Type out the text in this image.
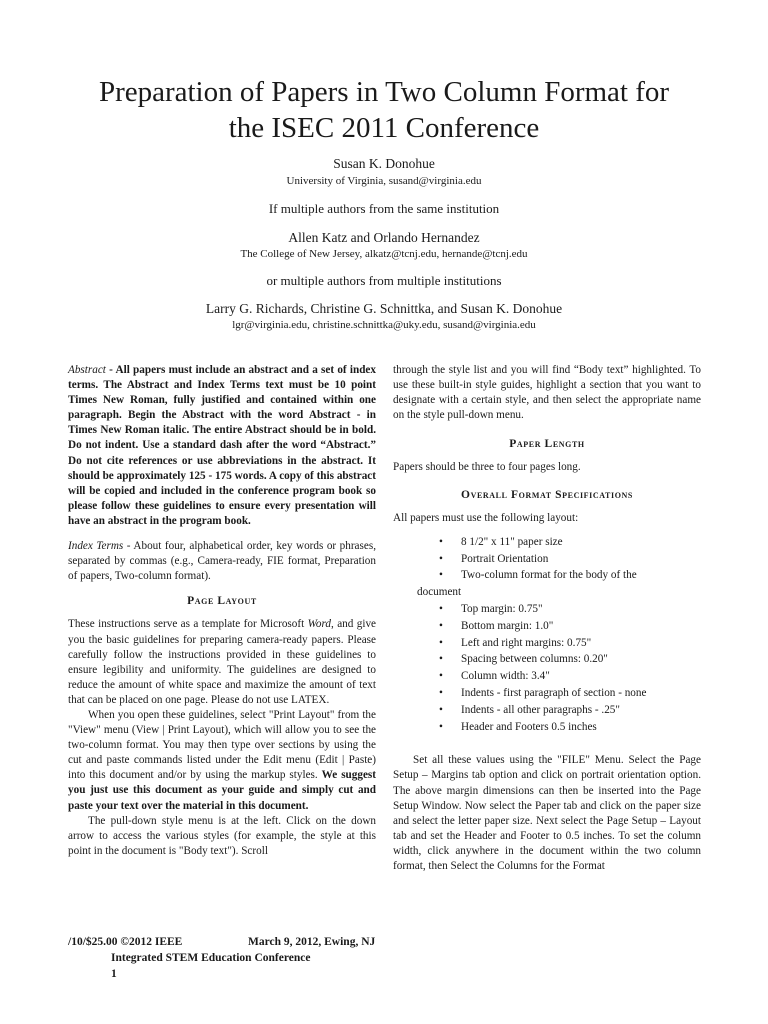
Preparation of Papers in Two Column Format for
the ISEC 2011 Conference
Susan K. Donohue
University of Virginia, susand@virginia.edu
If multiple authors from the same institution
Allen Katz and Orlando Hernandez
The College of New Jersey, alkatz@tcnj.edu, hernande@tcnj.edu
or multiple authors from multiple institutions
Larry G. Richards, Christine G. Schnittka, and Susan K. Donohue
lgr@virginia.edu, christine.schnittka@uky.edu, susand@virginia.edu

Abstract - All papers must include an abstract and a set of index terms. The Abstract and Index Terms text must be 10 point Times New Roman, fully justified and contained within one paragraph. Begin the Abstract with the word Abstract - in Times New Roman italic. The entire Abstract should be in bold. Do not indent. Use a standard dash after the word “Abstract.” Do not cite references or use abbreviations in the abstract. It should be approximately 125 - 175 words. A copy of this abstract will be copied and included in the conference program book so please follow these guidelines to ensure every presentation will have an abstract in the program book.

Index Terms - About four, alphabetical order, key words or phrases, separated by commas (e.g., Camera-ready, FIE format, Preparation of papers, Two-column format).

Page Layout

These instructions serve as a template for Microsoft Word, and give you the basic guidelines for preparing camera-ready papers. Please carefully follow the instructions provided in these guidelines to ensure legibility and uniformity. The guidelines are designed to reduce the amount of white space and maximize the amount of text that can be placed on one page. Please do not use LATEX.

When you open these guidelines, select "Print Layout" from the "View" menu (View | Print Layout), which will allow you to see the two-column format. You may then type over sections by using the cut and paste commands listed under the Edit menu (Edit | Paste) into this document and/or by using the markup styles. We suggest you just use this document as your guide and simply cut and paste your text over the material in this document.

The pull-down style menu is at the left. Click on the down arrow to access the various styles (for example, the style at this point in the document is "Body text"). Scroll

through the style list and you will find “Body text” highlighted. To use these built-in style guides, highlight a section that you want to designate with a certain style, and then select the appropriate name on the style pull-down menu.

Paper Length

Papers should be three to four pages long.

Overall Format Specifications

All papers must use the following layout:

• 8 1/2" x 11" paper size
• Portrait Orientation
• Two-column format for the body of the
document
• Top margin: 0.75"
• Bottom margin: 1.0"
• Left and right margins: 0.75"
• Spacing between columns: 0.20"
• Column width: 3.4"
• Indents - first paragraph of section - none
• Indents - all other paragraphs - .25"
• Header and Footers 0.5 inches

Set all these values using the "FILE" Menu. Select the Page Setup – Margins tab option and click on portrait orientation option. The above margin dimensions can then be inserted into the Page Setup Window. Now select the Paper tab and click on the paper size and select the letter paper size. Next select the Page Setup – Layout tab and set the Header and Footer to 0.5 inches. To set the column width, click anywhere in the document within the two column format, then Select the Columns for the Format

/10/$25.00 ©2012 IEEE	March 9, 2012, Ewing, NJ
Integrated STEM Education Conference
1
